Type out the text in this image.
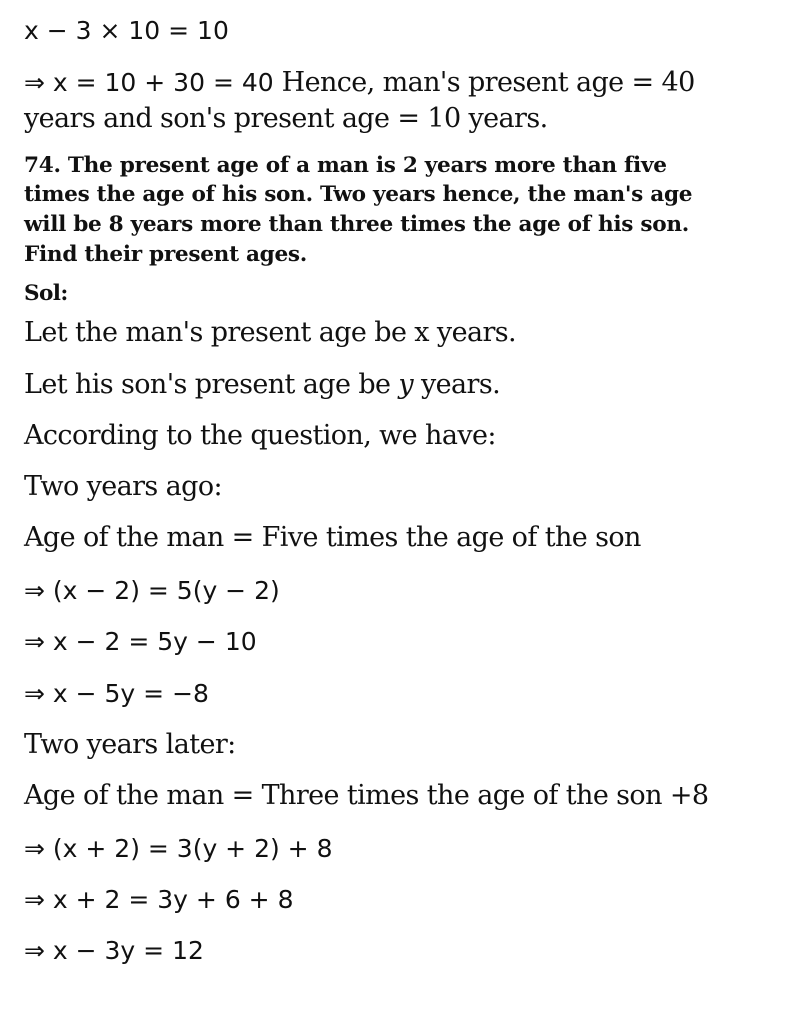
x − 3 × 10 = 10
⇒ x = 10 + 30 = 40 Hence, man's present age = 40
years and son's present age = 10 years.
74. The present age of a man is 2 years more than five
times the age of his son. Two years hence, the man's age
will be 8 years more than three times the age of his son.
Find their present ages.
Sol:
Let the man's present age be x years.
Let his son's present age be y years.
According to the question, we have:
Two years ago:
Age of the man = Five times the age of the son
⇒ (x − 2) = 5(y − 2)
⇒ x − 2 = 5y − 10
⇒ x − 5y = −8
Two years later:
Age of the man = Three times the age of the son +8
⇒ (x + 2) = 3(y + 2) + 8
⇒ x + 2 = 3y + 6 + 8
⇒ x − 3y = 12
